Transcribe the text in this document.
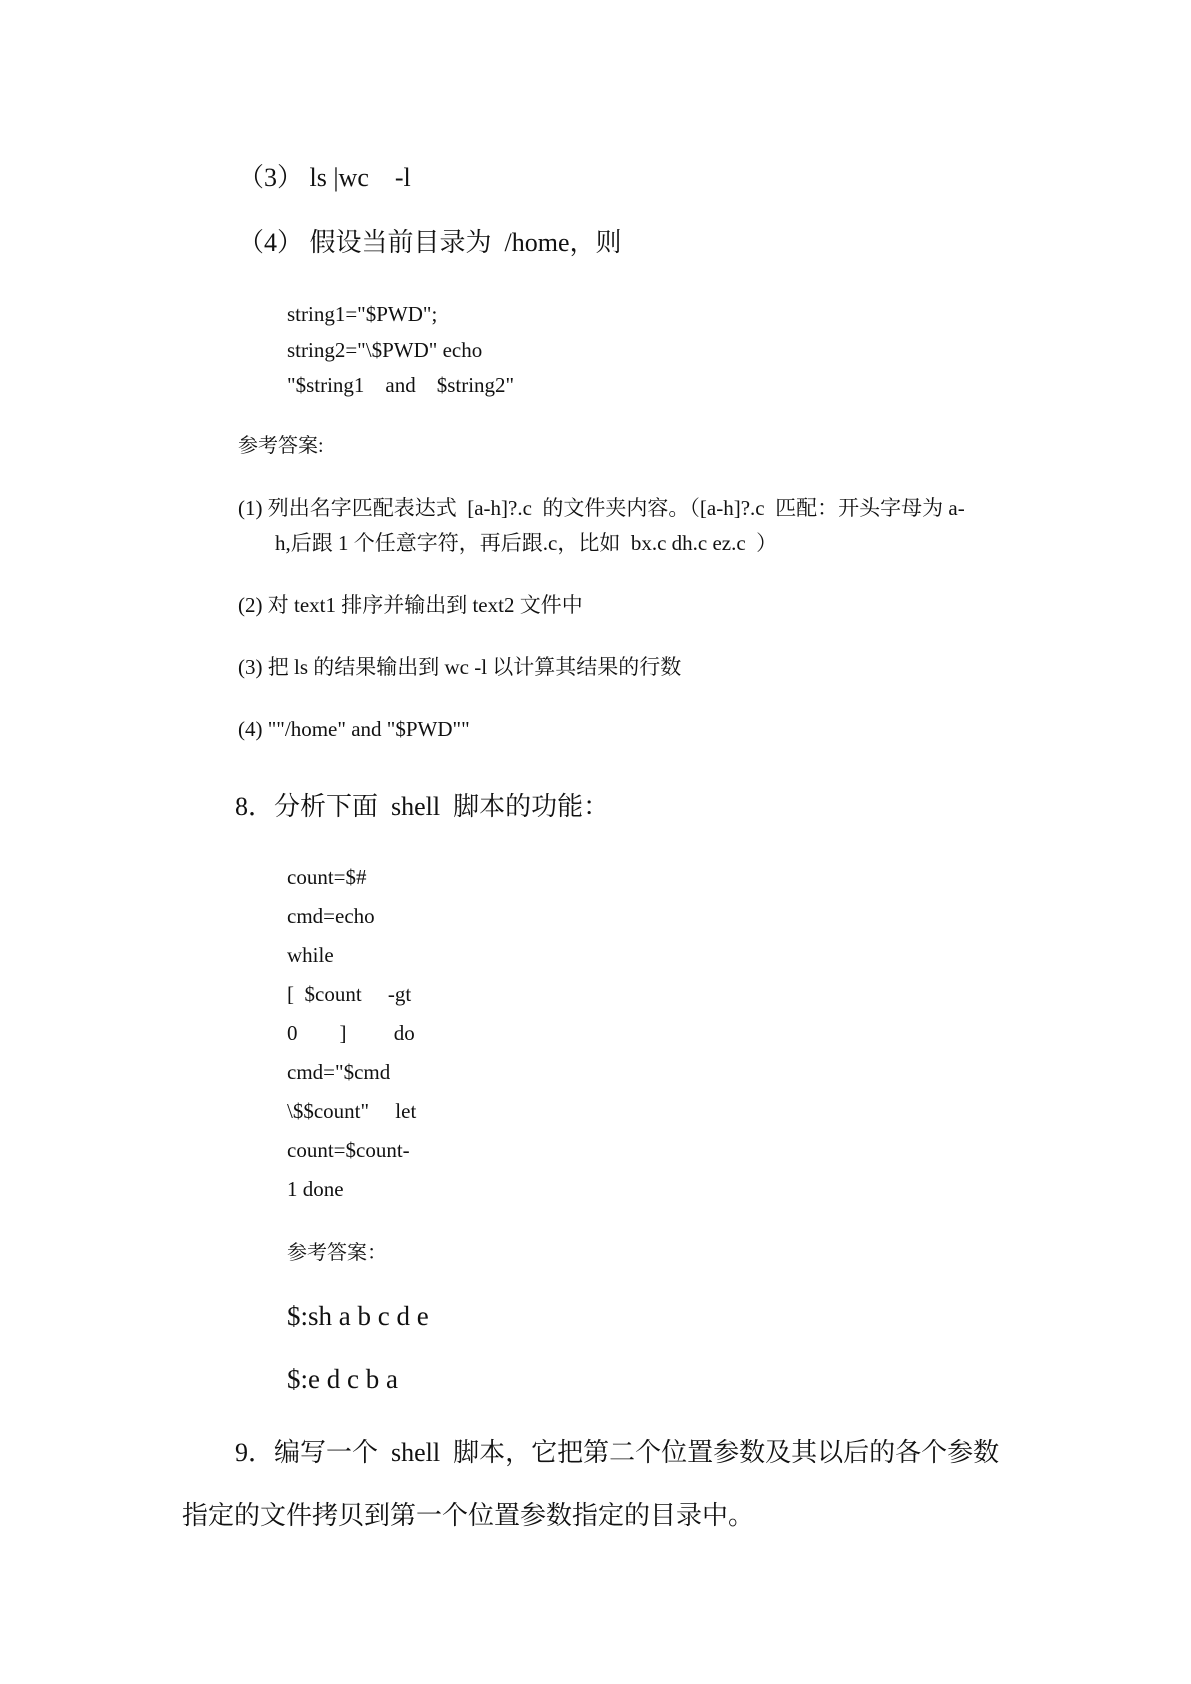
（3） ls |wc    -l
（4） 假设当前目录为  /home，则
string1="$PWD";
string2="\$PWD" echo
"$string1    and    $string2"
参考答案:
(1) 列出名字匹配表达式  [a-h]?.c  的文件夹内容。（[a-h]?.c  匹配：开头字母为 a-
h,后跟 1 个任意字符，再后跟.c，比如  bx.c dh.c ez.c  ）
(2) 对 text1 排序并输出到 text2 文件中
(3) 把 ls 的结果输出到 wc -l 以计算其结果的行数
(4) ""/home" and "$PWD""
8．分析下面  shell  脚本的功能：
count=$#
cmd=echo
while
[  $count     -gt
0        ]         do
cmd="$cmd
\$$count"     let
count=$count-
1 done
参考答案：
$:sh a b c d e
$:e d c b a
9．编写一个  shell  脚本，它把第二个位置参数及其以后的各个参数
指定的文件拷贝到第一个位置参数指定的目录中。
